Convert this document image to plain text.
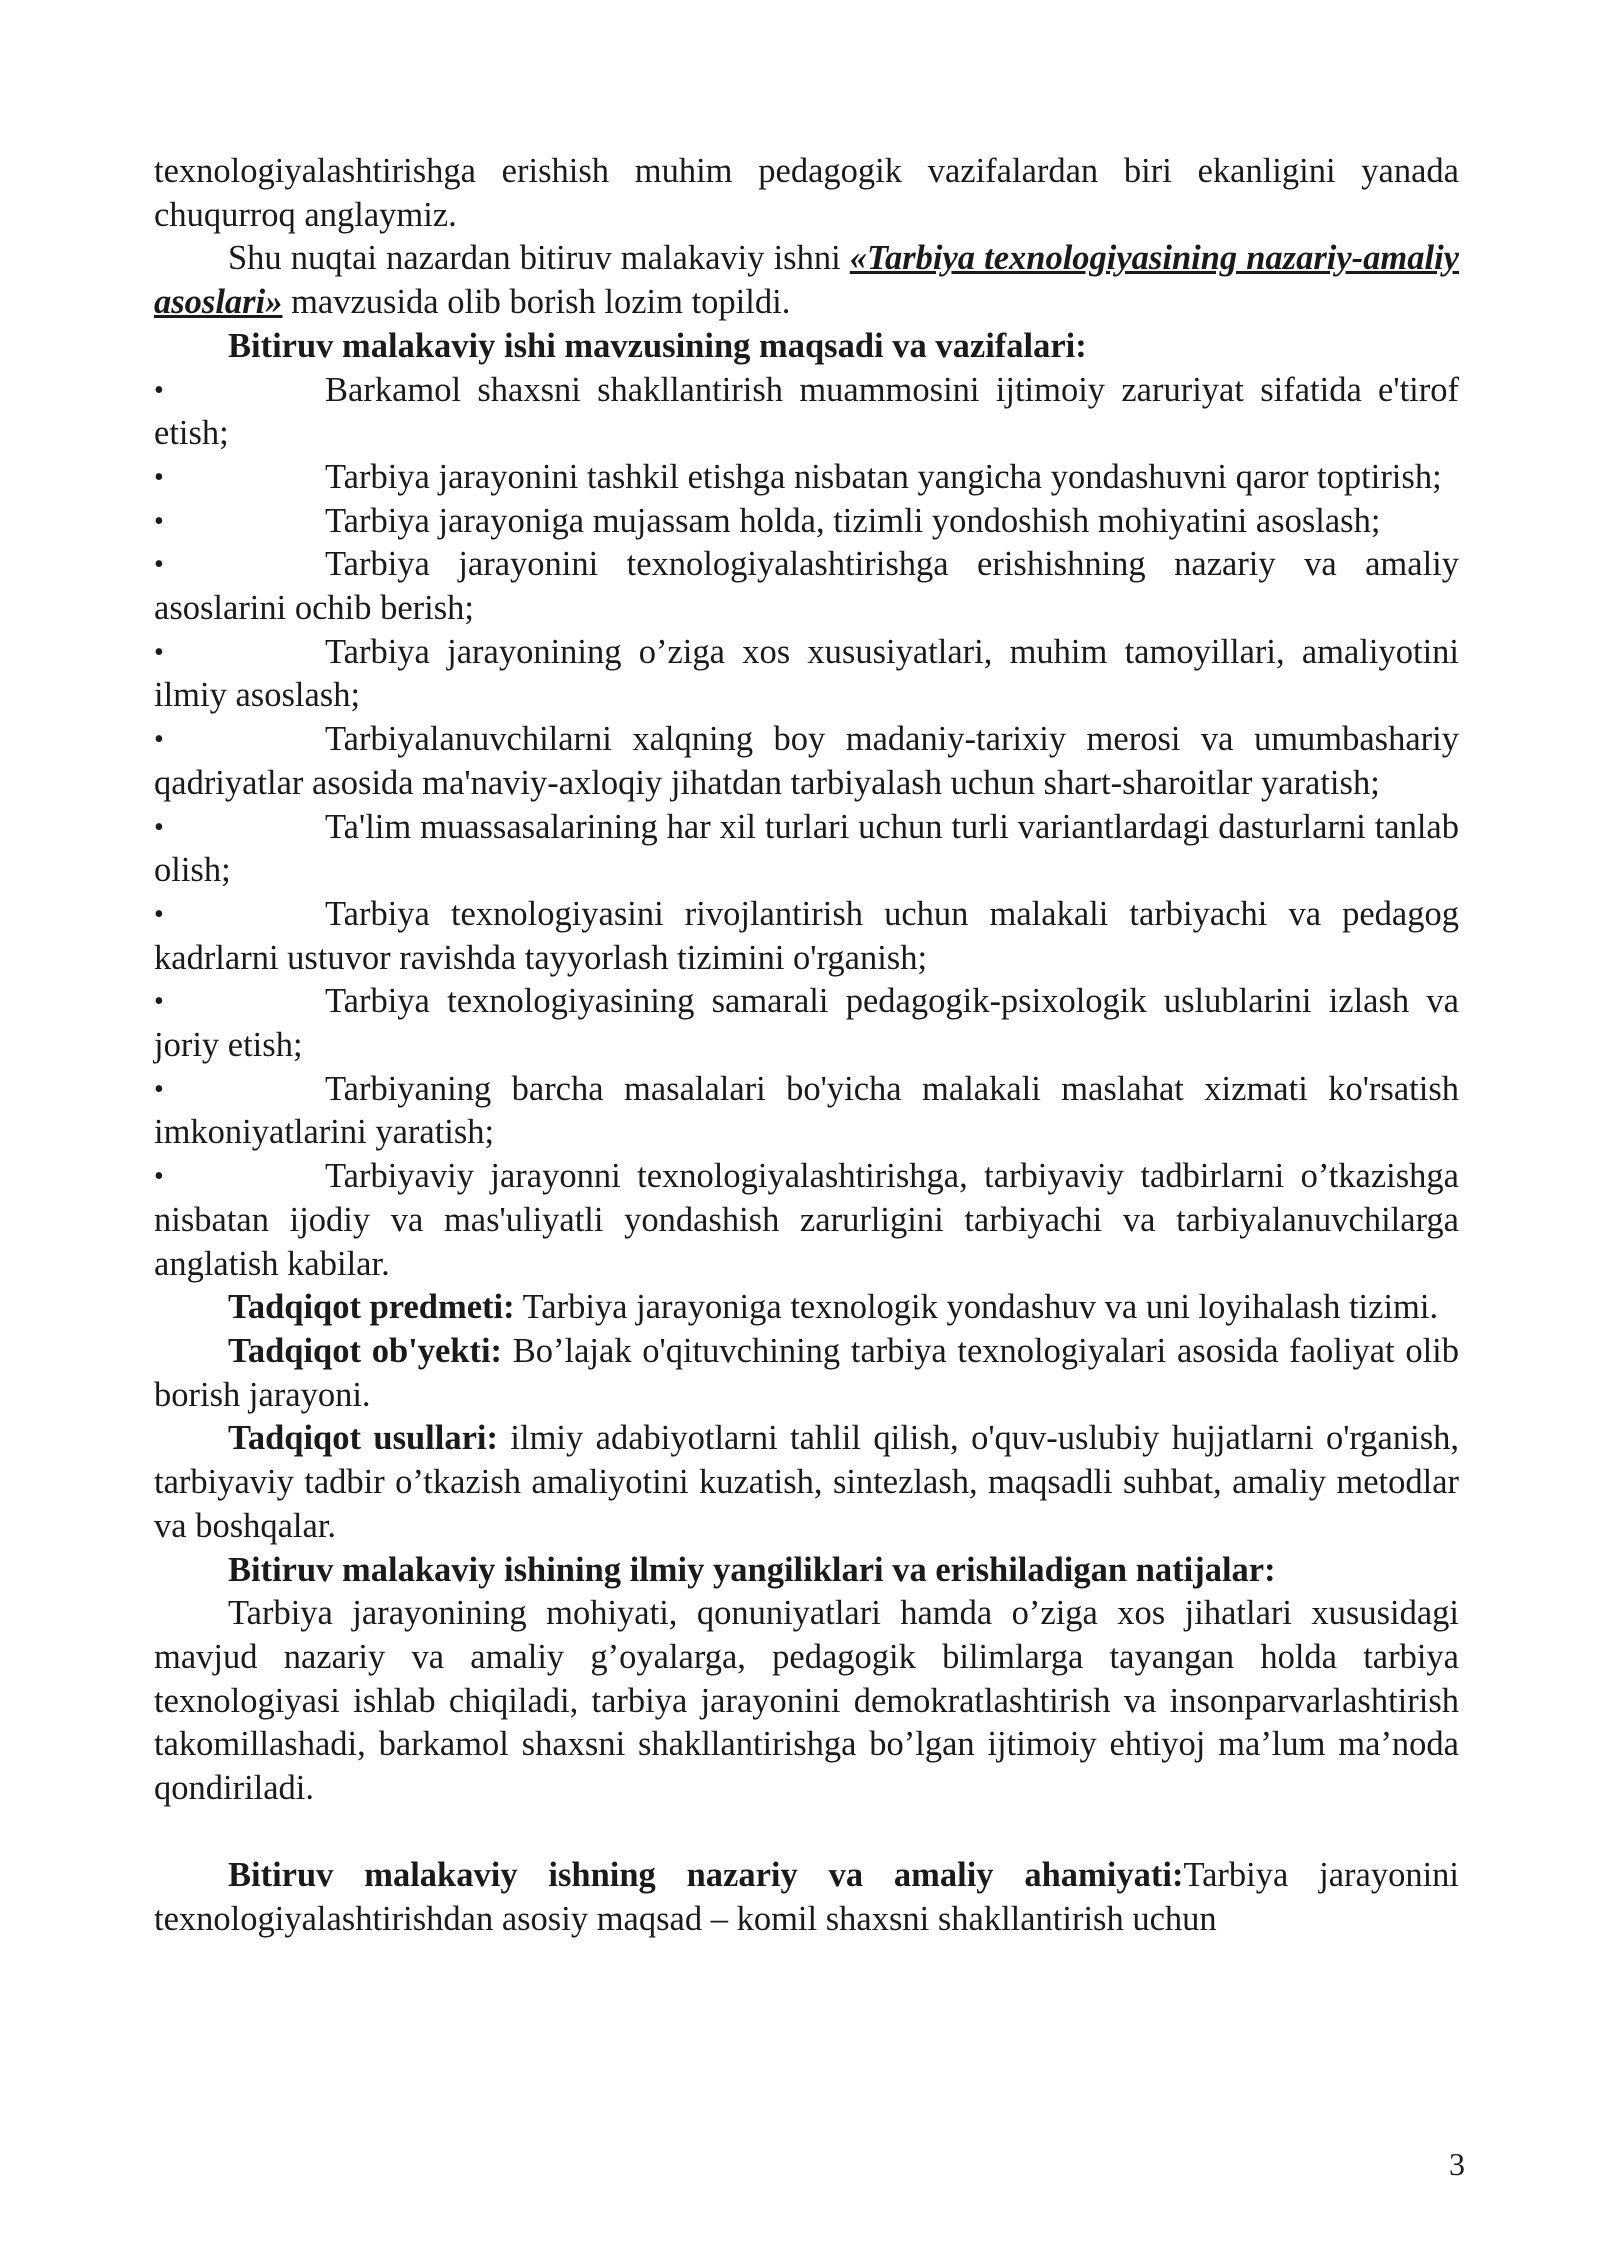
texnologiyalashtirishga erishish muhim pedagogik vazifalardan biri ekanligini yanada chuqurroq anglaymiz.

Shu nuqtai nazardan bitiruv malakaviy ishni «Tarbiya texnologiyasining nazariy-amaliy asoslari» mavzusida olib borish lozim topildi.

Bitiruv malakaviy ishi mavzusining maqsadi va vazifalari:

•	Barkamol shaxsni shakllantirish muammosini ijtimoiy zaruriyat sifatida e'tirof etish;

•	Tarbiya jarayonini tashkil etishga nisbatan yangicha yondashuvni qaror toptirish;

•	Tarbiya jarayoniga mujassam holda, tizimli yondoshish mohiyatini asoslash;

•	Tarbiya jarayonini texnologiyalashtirishga erishishning nazariy va amaliy asoslarini ochib berish;

•	Tarbiya jarayonining o’ziga xos xususiyatlari, muhim tamoyillari, amaliyotini ilmiy asoslash;

•	Tarbiyalanuvchilarni xalqning boy madaniy-tarixiy merosi va umumbashariy qadriyatlar asosida ma'naviy-axloqiy jihatdan tarbiyalash uchun shart-sharoitlar yaratish;

•	Ta'lim muassasalarining har xil turlari uchun turli variantlardagi dasturlarni tanlab olish;

•	Tarbiya texnologiyasini rivojlantirish uchun malakali tarbiyachi va pedagog kadrlarni ustuvor ravishda tayyorlash tizimini o'rganish;

•	Tarbiya texnologiyasining samarali pedagogik-psixologik uslublarini izlash va joriy etish;

•	Tarbiyaning barcha masalalari bo'yicha malakali maslahat xizmati ko'rsatish imkoniyatlarini yaratish;

•	Tarbiyaviy jarayonni texnologiyalashtirishga, tarbiyaviy tadbirlarni o’tkazishga nisbatan ijodiy va mas'uliyatli yondashish zarurligini tarbiyachi va tarbiyalanuvchilarga anglatish kabilar.

Tadqiqot predmeti: Tarbiya jarayoniga texnologik yondashuv va uni loyihalash tizimi.

Tadqiqot ob'yekti: Bo’lajak o'qituvchining tarbiya texnologiyalari asosida faoliyat olib borish jarayoni.

Tadqiqot usullari: ilmiy adabiyotlarni tahlil qilish, o'quv-uslubiy hujjatlarni o'rganish, tarbiyaviy tadbir o’tkazish amaliyotini kuzatish, sintezlash, maqsadli suhbat, amaliy metodlar va boshqalar.

Bitiruv malakaviy ishining ilmiy yangiliklari va erishiladigan natijalar:

Tarbiya jarayonining mohiyati, qonuniyatlari hamda o’ziga xos jihatlari xususidagi mavjud nazariy va amaliy g’oyalarga, pedagogik bilimlarga tayangan holda tarbiya texnologiyasi ishlab chiqiladi, tarbiya jarayonini demokratlashtirish va insonparvarlashtirish takomillashadi, barkamol shaxsni shakllantirishga bo’lgan ijtimoiy ehtiyoj ma’lum ma’noda qondiriladi.

Bitiruv malakaviy ishning nazariy va amaliy ahamiyati:Tarbiya jarayonini texnologiyalashtirishdan asosiy maqsad – komil shaxsni shakllantirish uchun

3
